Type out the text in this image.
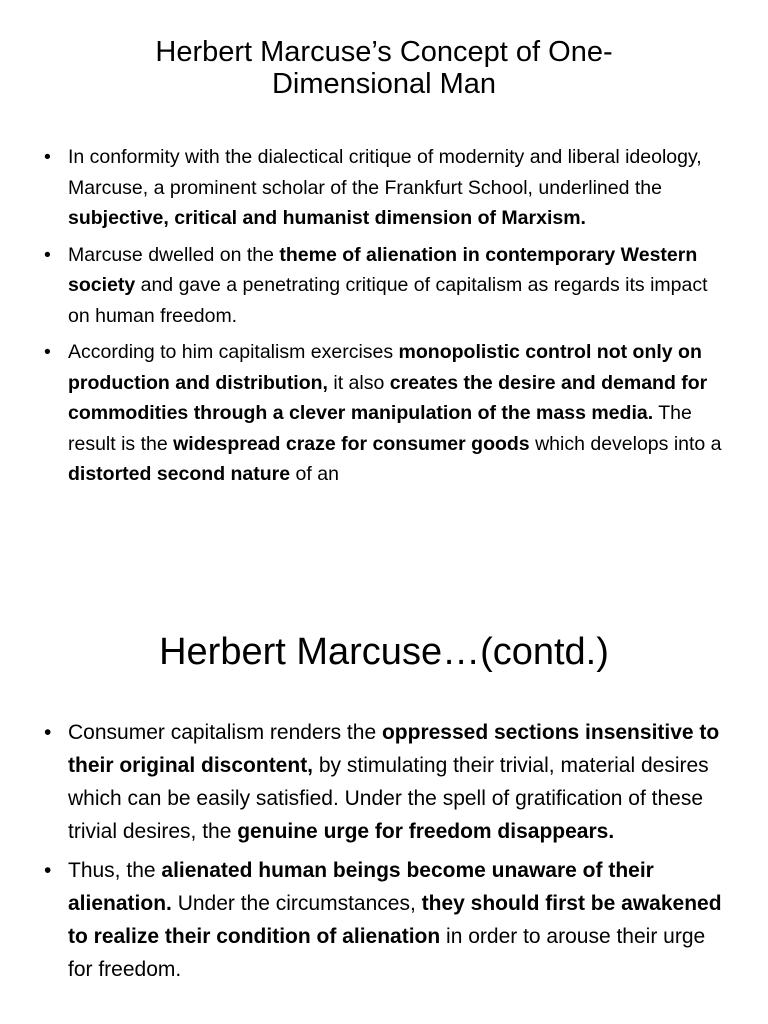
Herbert Marcuse’s Concept of One-
Dimensional Man
• In conformity with the dialectical critique of modernity and liberal ideology, Marcuse, a prominent scholar of the Frankfurt School, underlined the subjective, critical and humanist dimension of Marxism.
• Marcuse dwelled on the theme of alienation in contemporary Western society and gave a penetrating critique of capitalism as regards its impact on human freedom.
• According to him capitalism exercises monopolistic control not only on production and distribution, it also creates the desire and demand for commodities through a clever manipulation of the mass media. The result is the widespread craze for consumer goods which develops into a distorted second nature of an
Herbert Marcuse…(contd.)
• Consumer capitalism renders the oppressed sections insensitive to their original discontent, by stimulating their trivial, material desires which can be easily satisfied. Under the spell of gratification of these trivial desires, the genuine urge for freedom disappears.
• Thus, the alienated human beings become unaware of their alienation. Under the circumstances, they should first be awakened to realize their condition of alienation in order to arouse their urge for freedom.
